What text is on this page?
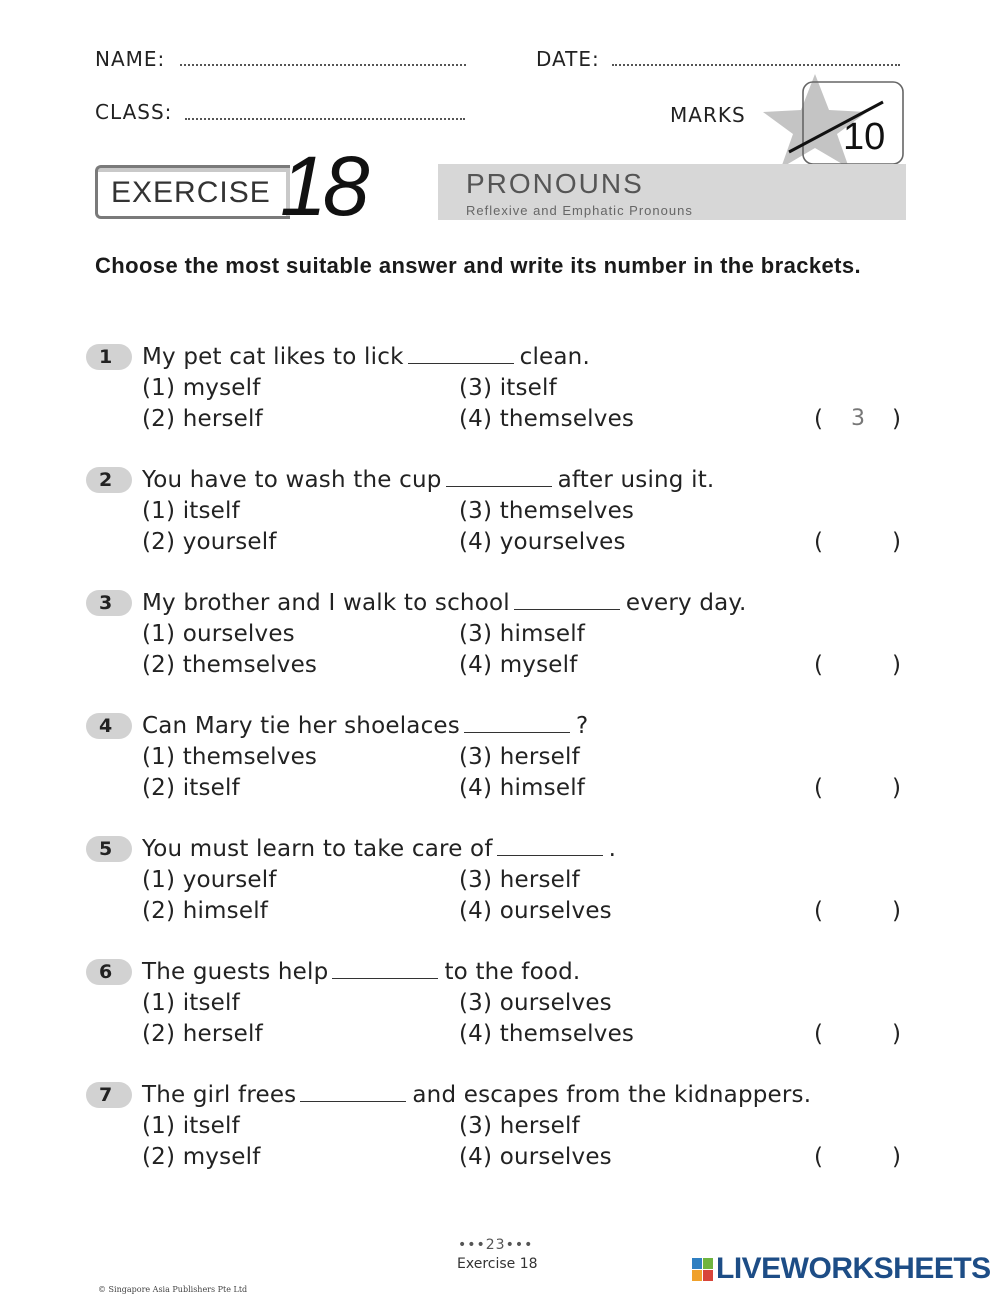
NAME:	DATE:
CLASS:	MARKS
10
EXERCISE 18	PRONOUNS
Reflexive and Emphatic Pronouns
Choose the most suitable answer and write its number in the brackets.
1	My pet cat likes to lick	clean.
(1) myself
(2) herself
(3) itself
(4) themselves	(	3	)
2	You have to wash the cup	after using it.
(1) itself
(2) yourself
(3) themselves
(4) yourselves	(	)
3	My brother and I walk to school	every day.
(1) ourselves
(2) themselves
(3) himself
(4) myself	(	)
4	Can Mary tie her shoelaces	?
(1) themselves
(2) itself
(3) herself
(4) himself	(	)
5	You must learn to take care of	.
(1) yourself
(2) himself
(3) herself
(4) ourselves	(	)
6	The guests help	to the food.
(1) itself
(2) herself
(3) ourselves
(4) themselves	(	)
7	The girl frees	and escapes from the kidnappers.
(1) itself
(2) myself
(3) herself
(4) ourselves	(	)
•••23•••
Exercise 18
© Singapore Asia Publishers Pte Ltd
LIVEWORKSHEETS
